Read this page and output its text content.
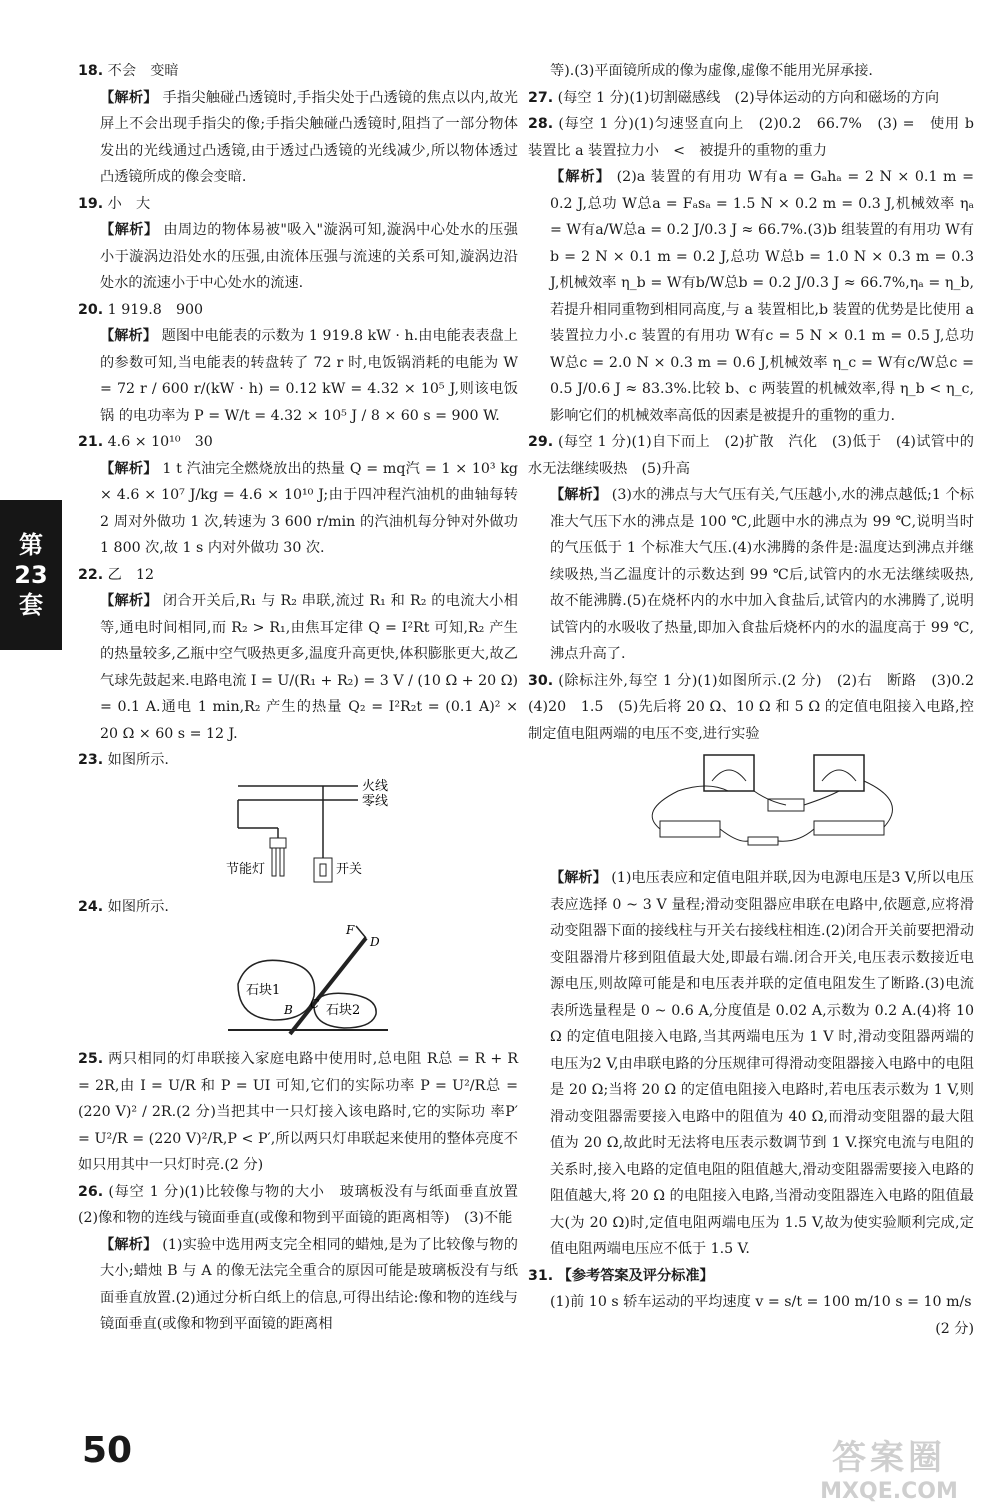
18. 不会　变暗

【解析】 手指尖触碰凸透镜时,手指尖处于凸透镜的焦点以内,故光屏上不会出现手指尖的像;手指尖触碰凸透镜时,阻挡了一部分物体发出的光线通过凸透镜,由于透过凸透镜的光线减少,所以物体透过凸透镜所成的像会变暗.

19. 小　大

【解析】 由周边的物体易被"吸入"漩涡可知,漩涡中心处水的压强小于漩涡边沿处水的压强,由流体压强与流速的关系可知,漩涡边沿处水的流速小于中心处水的流速.

20. 1 919.8　900

【解析】 题图中电能表的示数为 1 919.8 kW · h.由电能表表盘上的参数可知,当电能表的转盘转了 72 r 时,电饭锅消耗的电能为 W = 72 r / 600 r/(kW · h) = 0.12 kW = 4.32 × 10⁵ J,则该电饭锅 的电功率为 P = W/t = 4.32 × 10⁵ J / 8 × 60 s = 900 W.

21. 4.6 × 10¹⁰　30

【解析】 1 t 汽油完全燃烧放出的热量 Q = mq汽 = 1 × 10³ kg × 4.6 × 10⁷ J/kg = 4.6 × 10¹⁰ J;由于四冲程汽油机的曲轴每转 2 周对外做功 1 次,转速为 3 600 r/min 的汽油机每分钟对外做功1 800 次,故 1 s 内对外做功 30 次.

22. 乙　12

【解析】 闭合开关后,R₁ 与 R₂ 串联,流过 R₁ 和 R₂ 的电流大小相等,通电时间相同,而 R₂ > R₁,由焦耳定律 Q = I²Rt 可知,R₂ 产生的热量较多,乙瓶中空气吸热更多,温度升高更快,体积膨胀更大,故乙气球先鼓起来.电路电流 I = U/(R₁ + R₂) = 3 V / (10 Ω + 20 Ω) = 0.1 A.通电 1 min,R₂ 产生的热量 Q₂ = I²R₂t = (0.1 A)² × 20 Ω × 60 s = 12 J.

23. 如图所示.

火线
零线
节能灯	开关

24. 如图所示.

F
D
B C
石块1
石块2

25. 两只相同的灯串联接入家庭电路中使用时,总电阻 R总 = R + R = 2R,由 I = U/R 和 P = UI 可知,它们的实际功率 P = U²/R总 = (220 V)² / 2R.(2 分)当把其中一只灯接入该电路时,它的实际功 率P′ = U²/R = (220 V)²/R,P < P′,所以两只灯串联起来使用的整体亮度不如只用其中一只灯时亮.(2 分)

26. (每空 1 分)(1)比较像与物的大小　玻璃板没有与纸面垂直放置　(2)像和物的连线与镜面垂直(或像和物到平面镜的距离相等)　(3)不能

【解析】 (1)实验中选用两支完全相同的蜡烛,是为了比较像与物的大小;蜡烛 B 与 A 的像无法完全重合的原因可能是玻璃板没有与纸面垂直放置.(2)通过分析白纸上的信息,可得出结论:像和物的连线与镜面垂直(或像和物到平面镜的距离相

等).(3)平面镜所成的像为虚像,虚像不能用光屏承接.

27. (每空 1 分)(1)切割磁感线　(2)导体运动的方向和磁场的方向

28. (每空 1 分)(1)匀速竖直向上　(2)0.2　66.7%　(3) =　使用 b 装置比 a 装置拉力小　<　被提升的重物的重力

【解析】 (2)a 装置的有用功 W有a = Gₐhₐ = 2 N × 0.1 m = 0.2 J,总功 W总a = Fₐsₐ = 1.5 N × 0.2 m = 0.3 J,机械效率 ηₐ = W有a/W总a = 0.2 J/0.3 J ≈ 66.7%.(3)b 组装置的有用功 W有b = 2 N × 0.1 m = 0.2 J,总功 W总b = 1.0 N × 0.3 m = 0.3 J,机械效率 η_b = W有b/W总b = 0.2 J/0.3 J ≈ 66.7%,ηₐ = η_b,若提升相同重物到相同高度,与 a 装置相比,b 装置的优势是比使用 a 装置拉力小.c 装置的有用功 W有c = 5 N × 0.1 m = 0.5 J,总功 W总c = 2.0 N × 0.3 m = 0.6 J,机械效率 η_c = W有c/W总c = 0.5 J/0.6 J ≈ 83.3%.比较 b、c 两装置的机械效率,得 η_b < η_c,影响它们的机械效率高低的因素是被提升的重物的重力.

29. (每空 1 分)(1)自下而上　(2)扩散　汽化　(3)低于　(4)试管中的水无法继续吸热　(5)升高

【解析】 (3)水的沸点与大气压有关,气压越小,水的沸点越低;1 个标准大气压下水的沸点是 100 ℃,此题中水的沸点为 99 ℃,说明当时的气压低于 1 个标准大气压.(4)水沸腾的条件是:温度达到沸点并继续吸热,当乙温度计的示数达到 99 ℃后,试管内的水无法继续吸热,故不能沸腾.(5)在烧杯内的水中加入食盐后,试管内的水沸腾了,说明试管内的水吸收了热量,即加入食盐后烧杯内的水的温度高于 99 ℃,沸点升高了.

30. (除标注外,每空 1 分)(1)如图所示.(2 分)　(2)右　断路　(3)0.2　(4)20　1.5　(5)先后将 20 Ω、10 Ω 和 5 Ω 的定值电阻接入电路,控制定值电阻两端的电压不变,进行实验

【解析】 (1)电压表应和定值电阻并联,因为电源电压是3 V,所以电压表应选择 0 ~ 3 V 量程;滑动变阻器应串联在电路中,依题意,应将滑动变阻器下面的接线柱与开关右接线柱相连.(2)闭合开关前要把滑动变阻器滑片移到阻值最大处,即最右端.闭合开关,电压表示数接近电源电压,则故障可能是和电压表并联的定值电阻发生了断路.(3)电流表所选量程是 0 ~ 0.6 A,分度值是 0.02 A,示数为 0.2 A.(4)将 10 Ω 的定值电阻接入电路,当其两端电压为 1 V 时,滑动变阻器两端的电压为2 V,由串联电路的分压规律可得滑动变阻器接入电路中的电阻是 20 Ω;当将 20 Ω 的定值电阻接入电路时,若电压表示数为 1 V,则滑动变阻器需要接入电路中的阻值为 40 Ω,而滑动变阻器的最大阻值为 20 Ω,故此时无法将电压表示数调节到 1 V.探究电流与电阻的关系时,接入电路的定值电阻的阻值越大,滑动变阻器需要接入电路的阻值越大,将 20 Ω 的电阻接入电路,当滑动变阻器连入电路的阻值最大(为 20 Ω)时,定值电阻两端电压为 1.5 V,故为使实验顺利完成,定值电阻两端电压应不低于 1.5 V.

31. 【参考答案及评分标准】

(1)前 10 s 轿车运动的平均速度 v = s/t = 100 m/10 s = 10 m/s

(2 分)

第
23
套
50	答案圈
MXQE.COM
